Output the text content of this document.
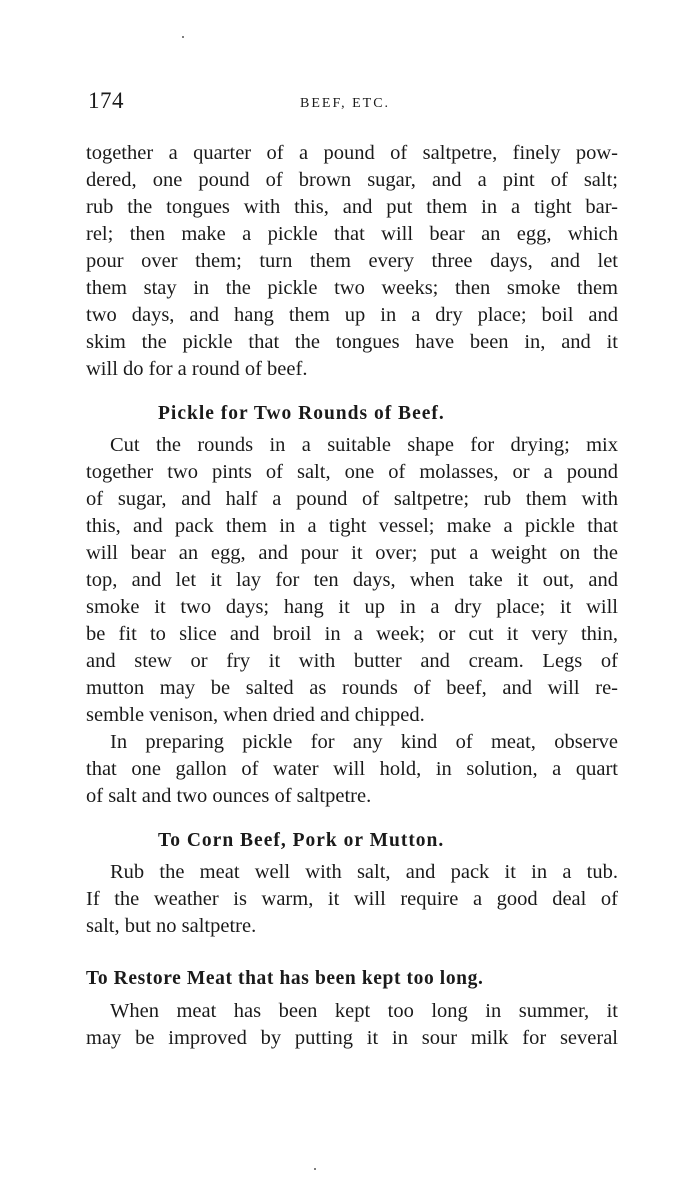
174	BEEF, ETC.
together a quarter of a pound of saltpetre, finely pow-
dered, one pound of brown sugar, and a pint of salt;
rub the tongues with this, and put them in a tight bar-
rel; then make a pickle that will bear an egg, which
pour over them; turn them every three days, and let
them stay in the pickle two weeks; then smoke them
two days, and hang them up in a dry place; boil and
skim the pickle that the tongues have been in, and it
will do for a round of beef.
Pickle for Two Rounds of Beef.
Cut the rounds in a suitable shape for drying; mix
together two pints of salt, one of molasses, or a pound
of sugar, and half a pound of saltpetre; rub them with
this, and pack them in a tight vessel; make a pickle that
will bear an egg, and pour it over; put a weight on the
top, and let it lay for ten days, when take it out, and
smoke it two days; hang it up in a dry place; it will
be fit to slice and broil in a week; or cut it very thin,
and stew or fry it with butter and cream. Legs of
mutton may be salted as rounds of beef, and will re-
semble venison, when dried and chipped.
In preparing pickle for any kind of meat, observe
that one gallon of water will hold, in solution, a quart
of salt and two ounces of saltpetre.
To Corn Beef, Pork or Mutton.
Rub the meat well with salt, and pack it in a tub.
If the weather is warm, it will require a good deal of
salt, but no saltpetre.
To Restore Meat that has been kept too long.
When meat has been kept too long in summer, it
may be improved by putting it in sour milk for several
